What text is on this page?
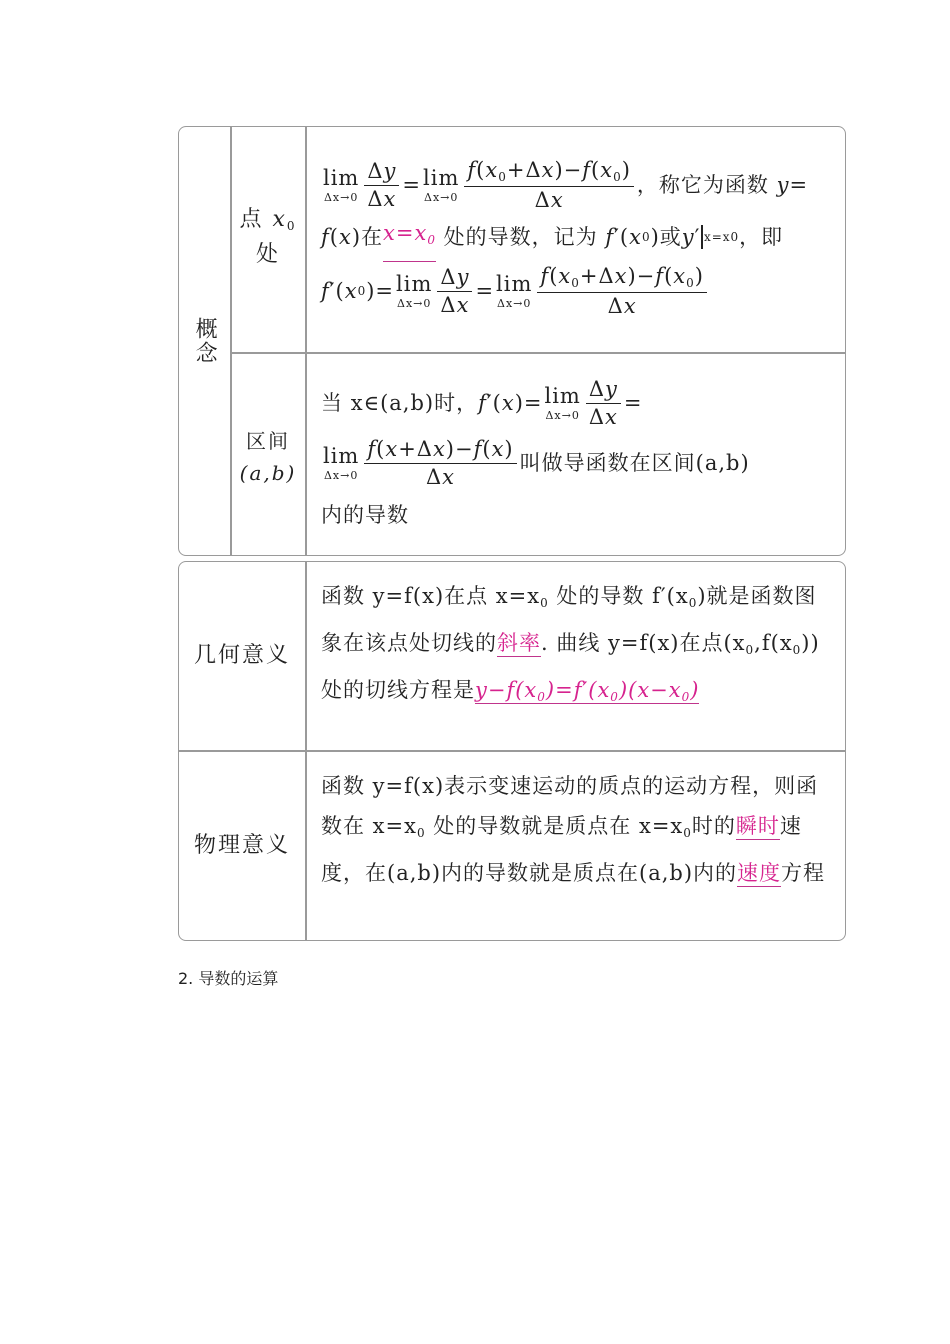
概念
点 $x_0$
处
区间
(a,b)
lim
$\Delta x\to 0 \frac{\Delta y}{\Delta x} = \lim$
$\Delta x\to 0 \frac{f(x_0+\Delta x)-f(x_0)}{\Delta x}$ ，称它为函数
y =
f ( x ) 在 $x=x_0$
处的导数，记为
f ′( x 0 ) 或 y ′ x=x0 ，即
f ′( x 0 )= lim
$\Delta x\to 0 \frac{\Delta y}{\Delta x} = \lim$
$\Delta x\to 0 \frac{f(x_0+\Delta x)-f(x_0)}{\Delta x}$
当
x∈(a,b)时， f ′( x )= lim
$\Delta x\to 0 \frac{\Delta y}{\Delta x}$ =
lim
$\Delta x\to 0 \frac{f(x+\Delta x)-f(x)}{\Delta x}$ 叫做导函数在区间(a,b)
内的导数
几何意义
函数 y=f(x)在点 $x=x_0$ 处的导数 $f'(x_0)$就是函数图象在该点处切线的斜率. 曲线 y=f(x)在点$(x_0,f(x_0))$处的切线方程是$y-f(x_0)=f'(x_0)(x-x_0)$
物理意义
函数 y=f(x)表示变速运动的质点的运动方程，则函数在 $x=x_0$ 处的导数就是质点在 $x=x_0$时的瞬时速度，在(a,b)内的导数就是质点在(a,b)内的速度方程
2. 导数的运算
